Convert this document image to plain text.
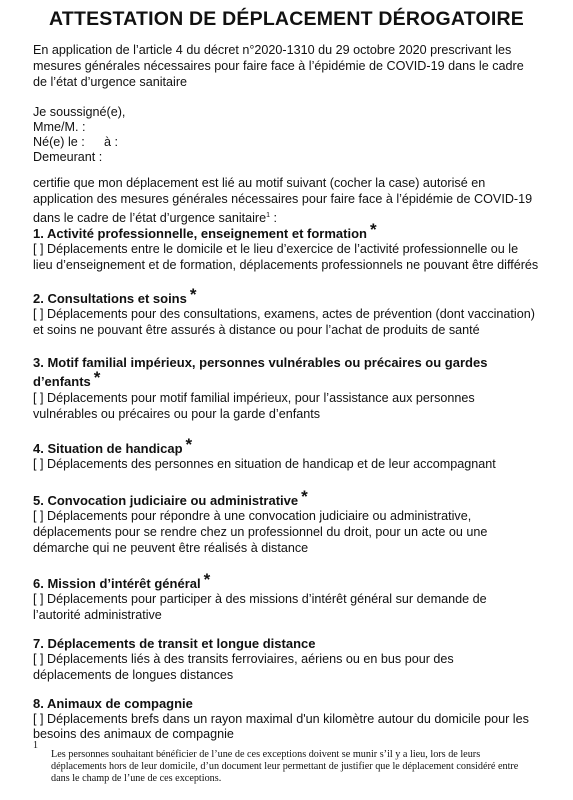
ATTESTATION DE DÉPLACEMENT DÉROGATOIRE
En application de l’article 4 du décret n°2020-1310 du 29 octobre 2020 prescrivant les
mesures générales nécessaires pour faire face à l’épidémie de COVID-19 dans le cadre
de l’état d’urgence sanitaire
Je soussigné(e),
Mme/M. :
Né(e) le :	à :
Demeurant :
certifie que mon déplacement est lié au motif suivant (cocher la case) autorisé en
application des mesures générales nécessaires pour faire face à l’épidémie de COVID-19
dans le cadre de l’état d’urgence sanitaire$^1$ :
1. Activité professionnelle, enseignement et formation *
[ ] Déplacements entre le domicile et le lieu d’exercice de l’activité professionnelle ou le
lieu d’enseignement et de formation, déplacements professionnels ne pouvant être différés
2. Consultations et soins *
[ ] Déplacements pour des consultations, examens, actes de prévention (dont vaccination)
et soins ne pouvant être assurés à distance ou pour l’achat de produits de santé
3. Motif familial impérieux, personnes vulnérables ou précaires ou gardes
d’enfants *
[ ] Déplacements pour motif familial impérieux, pour l’assistance aux personnes
vulnérables ou précaires ou pour la garde d’enfants
4. Situation de handicap *
[ ] Déplacements des personnes en situation de handicap et de leur accompagnant
5. Convocation judiciaire ou administrative *
[ ] Déplacements pour répondre à une convocation judiciaire ou administrative,
déplacements pour se rendre chez un professionnel du droit, pour un acte ou une
démarche qui ne peuvent être réalisés à distance
6. Mission d’intérêt général *
[ ] Déplacements pour participer à des missions d’intérêt général sur demande de
l’autorité administrative
7. Déplacements de transit et longue distance
[ ] Déplacements liés à des transits ferroviaires, aériens ou en bus pour des
déplacements de longues distances
8. Animaux de compagnie
[ ] Déplacements brefs dans un rayon maximal d'un kilomètre autour du domicile pour les
besoins des animaux de compagnie
1
Les personnes souhaitant bénéficier de l’une de ces exceptions doivent se munir s’il y a lieu, lors de leurs
déplacements hors de leur domicile, d’un document leur permettant de justifier que le déplacement considéré entre
dans le champ de l’une de ces exceptions.
